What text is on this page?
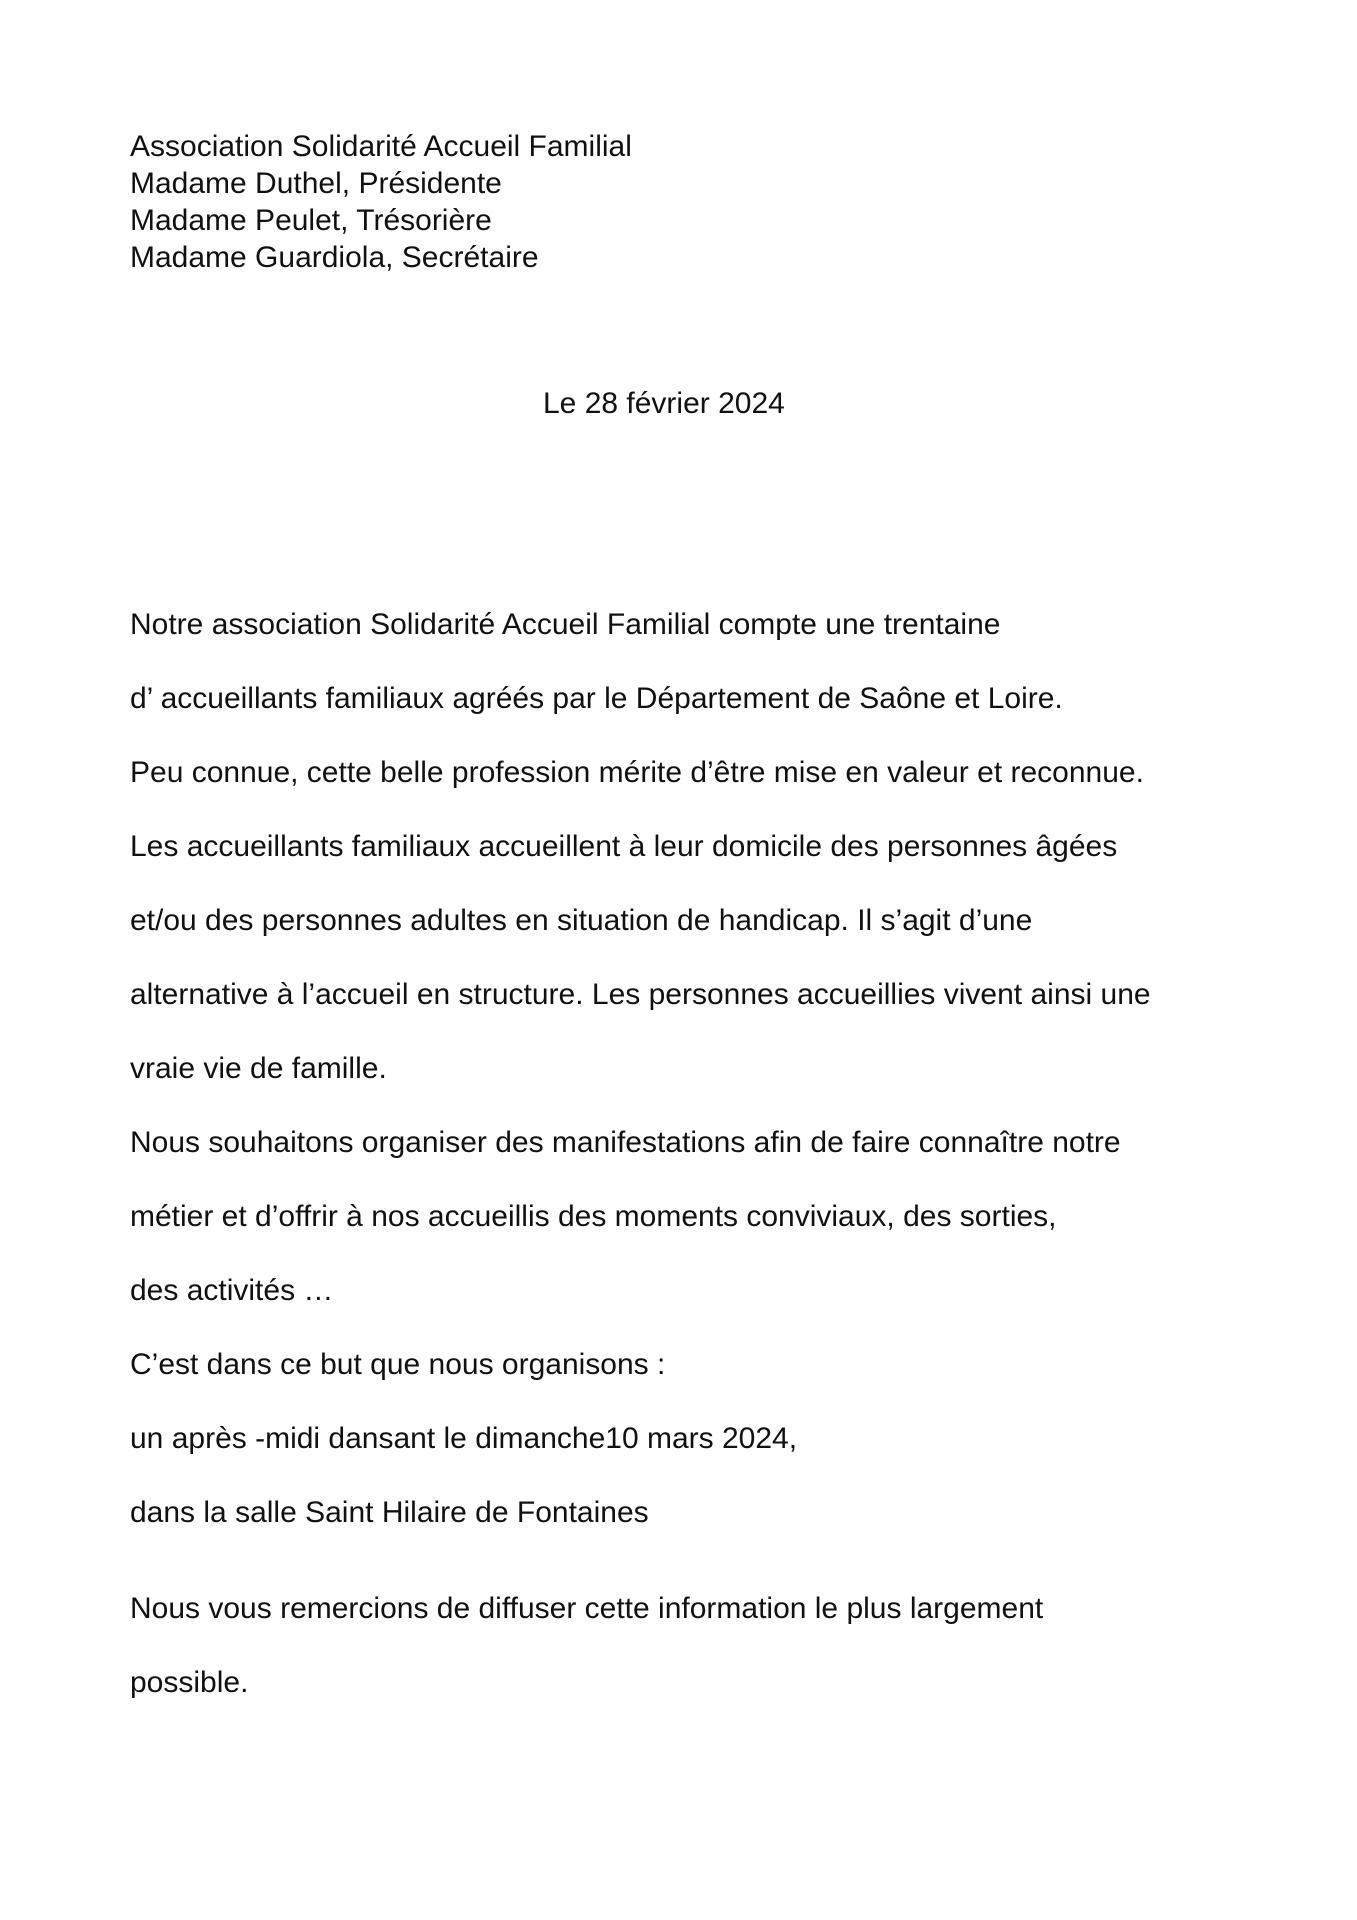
Association Solidarité Accueil Familial
Madame Duthel, Présidente
Madame Peulet, Trésorière
Madame Guardiola, Secrétaire
Le 28 février 2024
Notre association Solidarité Accueil Familial compte une trentaine
d’ accueillants familiaux agréés par le Département de Saône et Loire.
Peu connue, cette belle profession mérite d’être mise en valeur et reconnue.
Les accueillants familiaux accueillent à leur domicile des personnes âgées
et/ou des personnes adultes en situation de handicap. Il s’agit d’une
alternative à l’accueil en structure. Les personnes accueillies vivent ainsi une
vraie vie de famille.
Nous souhaitons organiser des manifestations afin de faire connaître notre
métier et d’offrir à nos accueillis des moments conviviaux, des sorties,
des activités …
C’est dans ce but que nous organisons :
un après -midi dansant le dimanche10 mars 2024,
dans la salle Saint Hilaire de Fontaines
Nous vous remercions de diffuser cette information le plus largement
possible.
